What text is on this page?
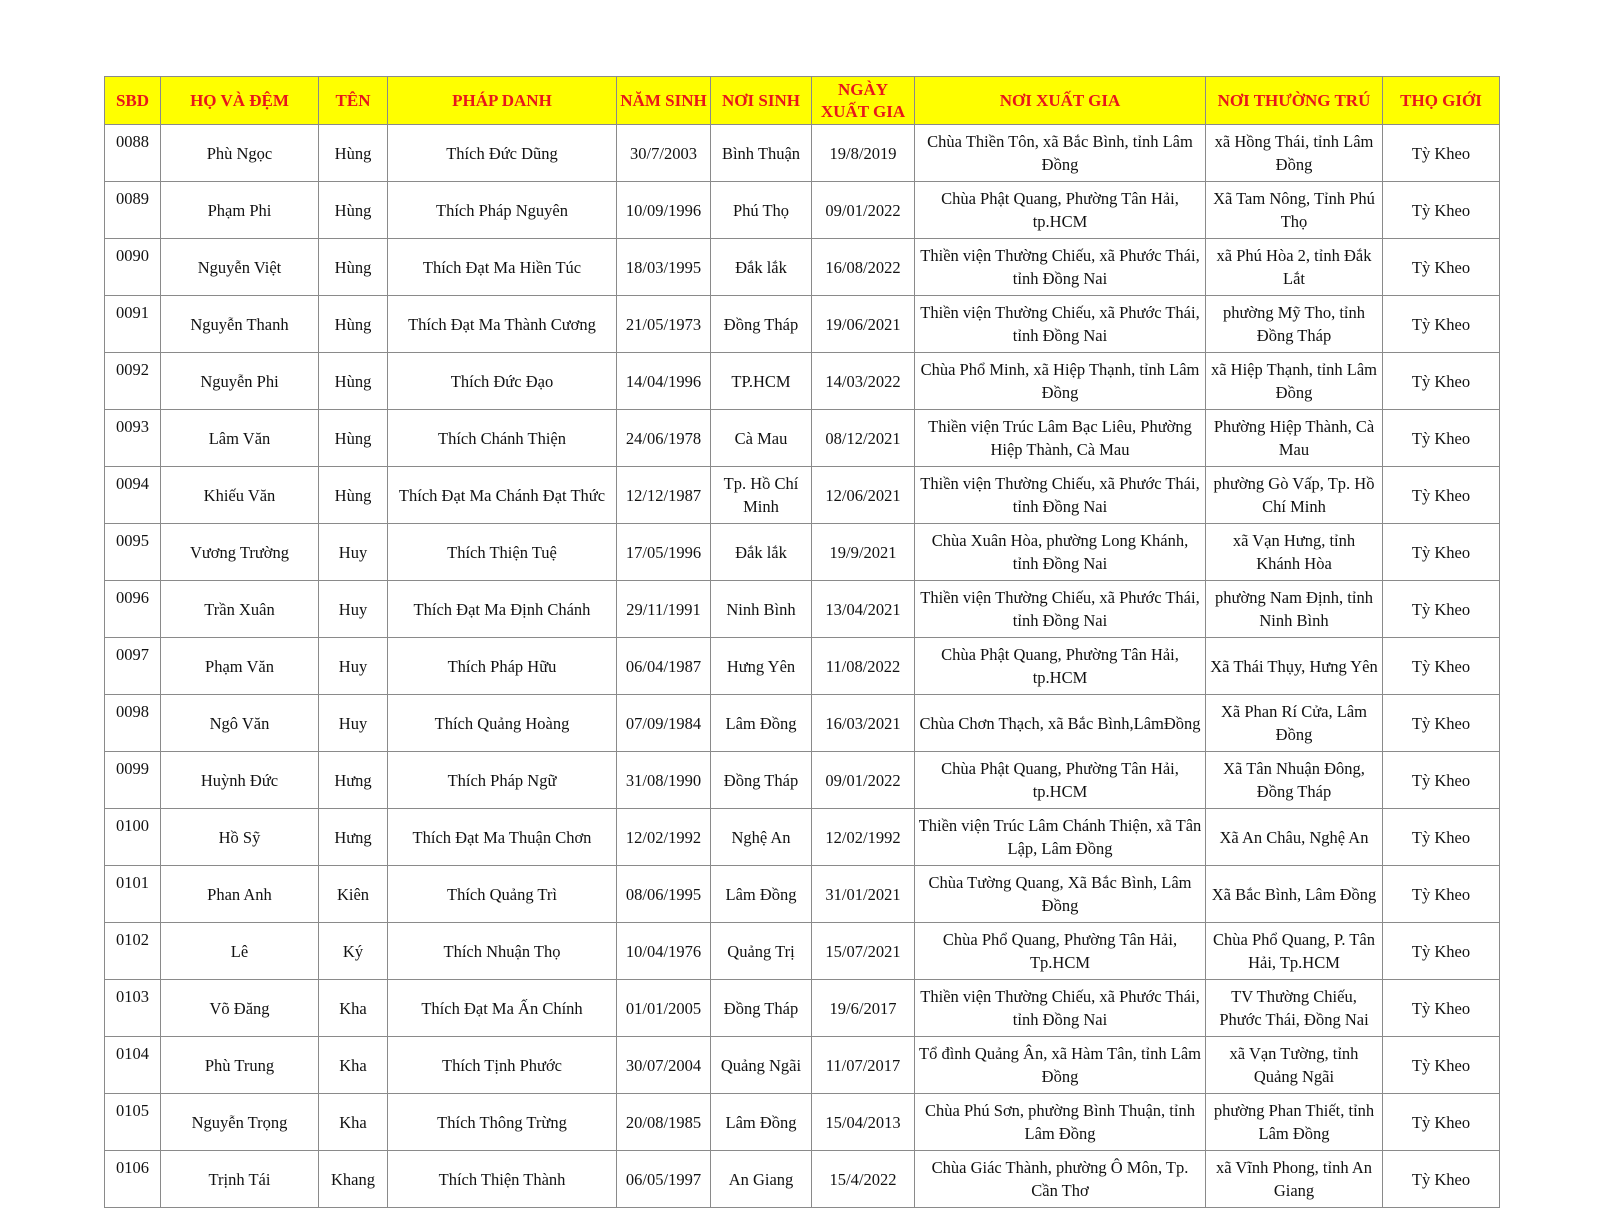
SBD	HỌ VÀ ĐỆM	TÊN	PHÁP DANH	NĂM SINH	NƠI SINH	NGÀY XUẤT GIA	NƠI XUẤT GIA	NƠI THƯỜNG TRÚ	THỌ GIỚI
0088	Phù Ngọc	Hùng	Thích Đức Dũng	30/7/2003	Bình Thuận	19/8/2019	Chùa Thiền Tôn, xã Bắc Bình, tỉnh Lâm Đồng	xã Hồng Thái, tỉnh Lâm Đồng	Tỳ Kheo
0089	Phạm Phi	Hùng	Thích Pháp Nguyên	10/09/1996	Phú Thọ	09/01/2022	Chùa Phật Quang, Phường Tân Hải, tp.HCM	Xã Tam Nông, Tỉnh Phú Thọ	Tỳ Kheo
0090	Nguyễn Việt	Hùng	Thích Đạt Ma Hiền Túc	18/03/1995	Đắk lắk	16/08/2022	Thiền viện Thường Chiếu, xã Phước Thái, tỉnh Đồng Nai	xã Phú Hòa 2, tỉnh Đắk Lắt	Tỳ Kheo
0091	Nguyễn Thanh	Hùng	Thích Đạt Ma Thành Cương	21/05/1973	Đồng Tháp	19/06/2021	Thiền viện Thường Chiếu, xã Phước Thái, tỉnh Đồng Nai	phường Mỹ Tho, tỉnh Đồng Tháp	Tỳ Kheo
0092	Nguyễn Phi	Hùng	Thích Đức Đạo	14/04/1996	TP.HCM	14/03/2022	Chùa Phổ Minh, xã Hiệp Thạnh, tỉnh Lâm Đồng	xã Hiệp Thạnh, tỉnh Lâm Đồng	Tỳ Kheo
0093	Lâm Văn	Hùng	Thích Chánh Thiện	24/06/1978	Cà Mau	08/12/2021	Thiền viện Trúc Lâm Bạc Liêu, Phường Hiệp Thành, Cà Mau	Phường Hiệp Thành, Cà Mau	Tỳ Kheo
0094	Khiếu Văn	Hùng	Thích Đạt Ma Chánh Đạt Thức	12/12/1987	Tp. Hồ Chí Minh	12/06/2021	Thiền viện Thường Chiếu, xã Phước Thái, tỉnh Đồng Nai	phường Gò Vấp, Tp. Hồ Chí Minh	Tỳ Kheo
0095	Vương Trường	Huy	Thích Thiện Tuệ	17/05/1996	Đắk lắk	19/9/2021	Chùa Xuân Hòa, phường Long Khánh, tỉnh Đồng Nai	xã Vạn Hưng, tỉnh Khánh Hòa	Tỳ Kheo
0096	Trần Xuân	Huy	Thích Đạt Ma Định Chánh	29/11/1991	Ninh Bình	13/04/2021	Thiền viện Thường Chiếu, xã Phước Thái, tỉnh Đồng Nai	phường Nam Định, tỉnh Ninh Bình	Tỳ Kheo
0097	Phạm Văn	Huy	Thích Pháp Hữu	06/04/1987	Hưng Yên	11/08/2022	Chùa Phật Quang, Phường Tân Hải, tp.HCM	Xã Thái Thụy, Hưng Yên	Tỳ Kheo
0098	Ngô Văn	Huy	Thích Quảng Hoàng	07/09/1984	Lâm Đồng	16/03/2021	Chùa Chơn Thạch, xã Bắc Bình,LâmĐồng	Xã Phan Rí Cửa, Lâm Đồng	Tỳ Kheo
0099	Huỳnh Đức	Hưng	Thích Pháp Ngữ	31/08/1990	Đồng Tháp	09/01/2022	Chùa Phật Quang, Phường Tân Hải, tp.HCM	Xã Tân Nhuận Đông, Đồng Tháp	Tỳ Kheo
0100	Hồ Sỹ	Hưng	Thích Đạt Ma Thuận Chơn	12/02/1992	Nghệ An	12/02/1992	Thiền viện Trúc Lâm Chánh Thiện, xã Tân Lập, Lâm Đồng	Xã An Châu, Nghệ An	Tỳ Kheo
0101	Phan Anh	Kiên	Thích Quảng Trì	08/06/1995	Lâm Đồng	31/01/2021	Chùa Tường Quang, Xã Bắc Bình, Lâm Đồng	Xã Bắc Bình, Lâm Đồng	Tỳ Kheo
0102	Lê	Ký	Thích Nhuận Thọ	10/04/1976	Quảng Trị	15/07/2021	Chùa Phổ Quang, Phường Tân Hải, Tp.HCM	Chùa Phổ Quang, P. Tân Hải, Tp.HCM	Tỳ Kheo
0103	Võ Đăng	Kha	Thích Đạt Ma Ấn Chính	01/01/2005	Đồng Tháp	19/6/2017	Thiền viện Thường Chiếu, xã Phước Thái, tỉnh Đồng Nai	TV Thường Chiếu, Phước Thái, Đồng Nai	Tỳ Kheo
0104	Phù Trung	Kha	Thích Tịnh Phước	30/07/2004	Quảng Ngãi	11/07/2017	Tổ đình Quảng Ân, xã Hàm Tân, tỉnh Lâm Đồng	xã Vạn Tường, tỉnh Quảng Ngãi	Tỳ Kheo
0105	Nguyễn Trọng	Kha	Thích Thông Trừng	20/08/1985	Lâm Đồng	15/04/2013	Chùa Phú Sơn, phường Bình Thuận, tỉnh Lâm Đồng	phường Phan Thiết, tỉnh Lâm Đồng	Tỳ Kheo
0106	Trịnh Tái	Khang	Thích Thiện Thành	06/05/1997	An Giang	15/4/2022	Chùa Giác Thành, phường Ô Môn, Tp. Cần Thơ	xã Vĩnh Phong, tỉnh An Giang	Tỳ Kheo
